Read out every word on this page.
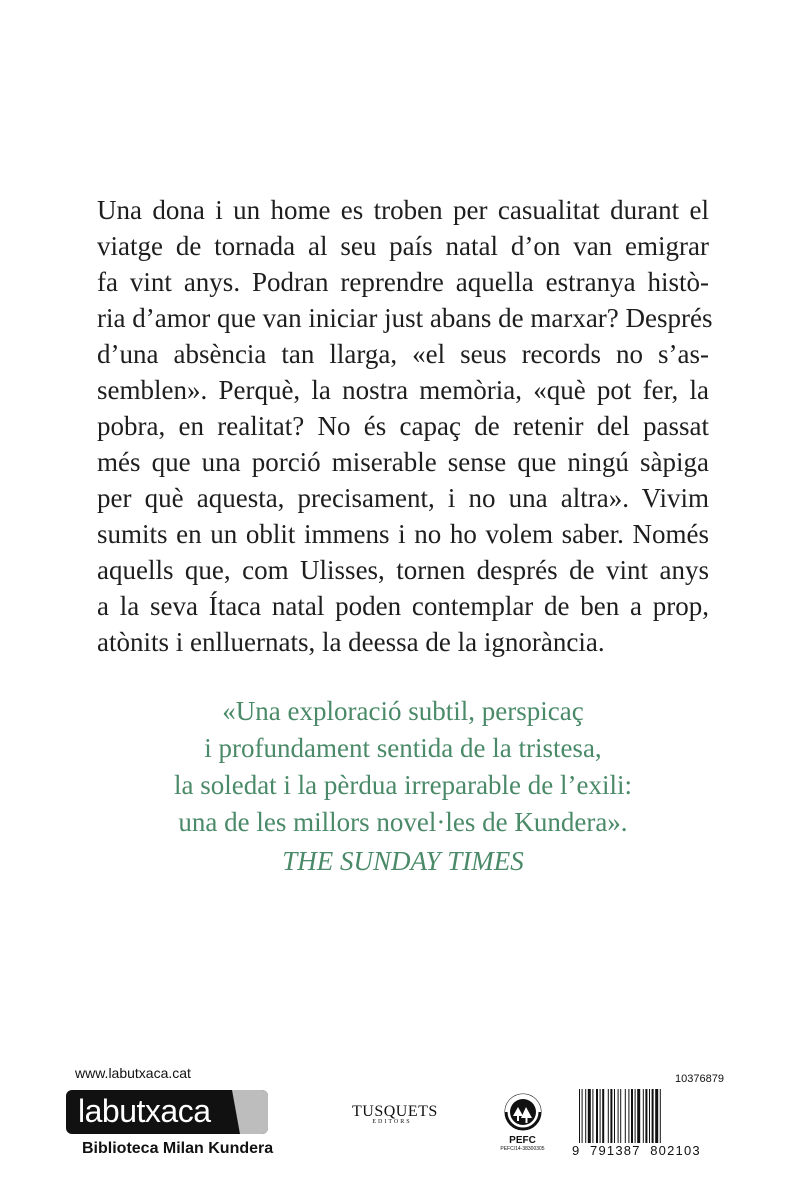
Una dona i un home es troben per casualitat durant el
viatge de tornada al seu país natal d’on van emigrar
fa vint anys. Podran reprendre aquella estranya histò-
ria d’amor que van iniciar just abans de marxar? Després
d’una absència tan llarga, «el seus records no s’as-
semblen». Perquè, la nostra memòria, «què pot fer, la
pobra, en realitat? No és capaç de retenir del passat
més que una porció miserable sense que ningú sàpiga
per què aquesta, precisament, i no una altra». Vivim
sumits en un oblit immens i no ho volem saber. Només
aquells que, com Ulisses, tornen després de vint anys
a la seva Ítaca natal poden contemplar de ben a prop,
atònits i enlluernats, la deessa de la ignorància.
«Una exploració subtil, perspicaç
i profundament sentida de la tristesa,
la soledat i la pèrdua irreparable de l’exili:
una de les millors novel·les de Kundera».
THE SUNDAY TIMES
www.labutxaca.cat
labutxaca
Biblioteca Milan Kundera
TUSQUETS
EDITORS
PEFC
PEFC/14-38300305
10376879
9  791387  802103
